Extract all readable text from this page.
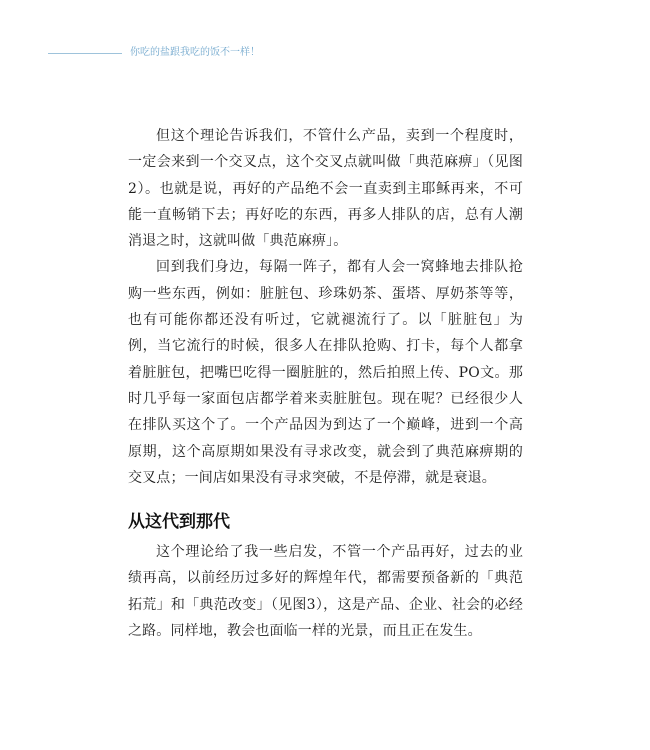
你吃的盐跟我吃的饭不一样！

但这个理论告诉我们，不管什么产品，卖到一个程度时，一定会来到一个交叉点，这个交叉点就叫做「典范麻痹」（见图2）。也就是说，再好的产品绝不会一直卖到主耶稣再来，不可能一直畅销下去；再好吃的东西，再多人排队的店，总有人潮消退之时，这就叫做「典范麻痹」。

回到我们身边，每隔一阵子，都有人会一窝蜂地去排队抢购一些东西，例如：脏脏包、珍珠奶茶、蛋塔、厚奶茶等等，也有可能你都还没有听过，它就褪流行了。以「脏脏包」为例，当它流行的时候，很多人在排队抢购、打卡，每个人都拿着脏脏包，把嘴巴吃得一圈脏脏的，然后拍照上传、PO文。那时几乎每一家面包店都学着来卖脏脏包。现在呢？已经很少人在排队买这个了。一个产品因为到达了一个巅峰，进到一个高原期，这个高原期如果没有寻求改变，就会到了典范麻痹期的交叉点；一间店如果没有寻求突破，不是停滞，就是衰退。

从这代到那代

这个理论给了我一些启发，不管一个产品再好，过去的业绩再高，以前经历过多好的辉煌年代，都需要预备新的「典范拓荒」和「典范改变」（见图3），这是产品、企业、社会的必经之路。同样地，教会也面临一样的光景，而且正在发生。
